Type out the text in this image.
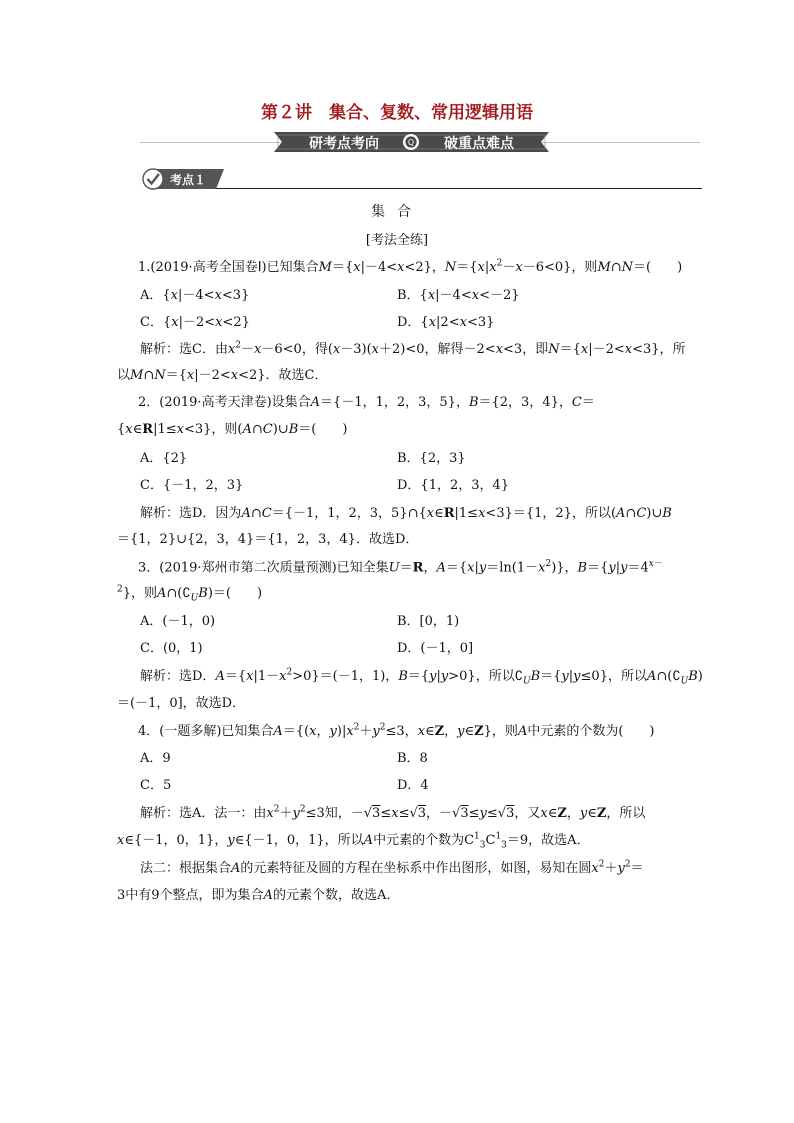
第２讲　集合、复数、常用逻辑用语
研考点考向	Q 破重点难点
考点１
集合
[考法全练]
1.(2019·高考全国卷Ⅰ)已知集合M＝{x|－4<x<2}，$N=\{x|x^2-x-6<0\}$，则M∩N＝(　　)
A．{x|－4<x<3}	B．{x|－4<x<－2}
C．{x|－2<x<2}	D．{x|2<x<3}
解析：选C．由$x^2-x-6<0$，得(x－3)(x＋2)<0，解得－2<x<3，即N＝{x|－2<x<3}，所
以M∩N＝{x|－2<x<2}．故选C．
2．(2019·高考天津卷)设集合A＝{－1，1，2，3，5}，B＝{2，3，4}，C＝
{x∈R|1≤x<3}，则(A∩C)∪B＝(　　)
A．{2}	B．{2，3}
C．{－1，2，3}	D．{1，2，3，4}
解析：选D．因为A∩C＝{－1，1，2，3，5}∩{x∈R|1≤x<3}＝{1，2}，所以(A∩C)∪B
＝{1，2}∪{2，3，4}＝{1，2，3，4}．故选D．
3．(2019·郑州市第二次质量预测)已知全集U＝R，$A=\{x|y=\ln(1-x^2)\}$，$B=\{y|y=4^{x-}$
$^2$}，则$A\cap(∁_UB)=$(　　)
A．(－1，0)	B．[0，1)
C．(0，1)	D．(－1，0]
解析：选D．$A=\{x|1-x^2>0\}=(-1$，1)，B＝{y|y>0}，所以$∁_UB=\{y|y\le 0\}$，所以$A\cap(∁_UB)$
＝(－1，0]，故选D．
4．(一题多解)已知集合A＝{(x，$y)|x^2+y^2\le 3$，x∈Z，y∈Z}，则A中元素的个数为(　　)
A．9	B．8
C．5	D．4
解析：选A．法一：由$x^2+y^2\le 3$知，－√3≤x≤√3，－√3≤y≤√3，又x∈Z，y∈Z，所以
x∈{－1，0，1}，y∈{－1，0，1}，所以A中元素的个数为$C^1_3C^1_3=9$，故选A．
法二：根据集合A的元素特征及圆的方程在坐标系中作出图形，如图，易知在圆$x^2+y^2=$
3中有9个整点，即为集合A的元素个数，故选A．
